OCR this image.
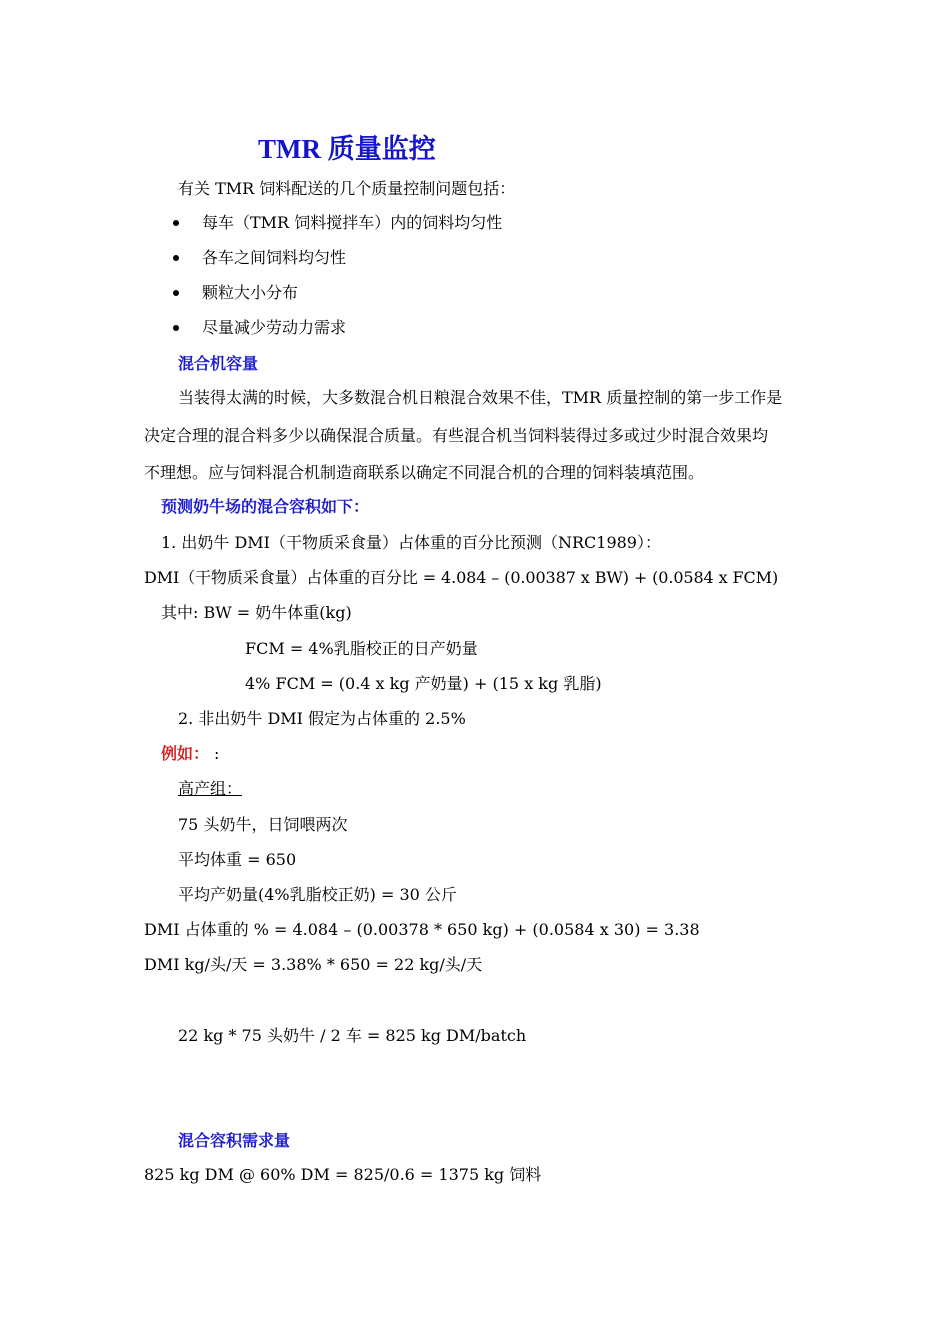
TMR 质量监控
有关 TMR 饲料配送的几个质量控制问题包括：
每车（TMR 饲料搅拌车）内的饲料均匀性
各车之间饲料均匀性
颗粒大小分布
尽量减少劳动力需求
混合机容量
当装得太满的时候，大多数混合机日粮混合效果不佳，TMR 质量控制的第一步工作是
决定合理的混合料多少以确保混合质量。有些混合机当饲料装得过多或过少时混合效果均
不理想。应与饲料混合机制造商联系以确定不同混合机的合理的饲料装填范围。
预测奶牛场的混合容积如下：
1. 出奶牛 DMI（干物质采食量）占体重的百分比预测（NRC1989）：
DMI（干物质采食量）占体重的百分比 = 4.084 – (0.00387 x BW) + (0.0584 x FCM)
其中: BW = 奶牛体重(kg)
FCM = 4%乳脂校正的日产奶量
4% FCM = (0.4 x kg 产奶量) + (15 x kg 乳脂)
2. 非出奶牛 DMI 假定为占体重的 2.5%
例如： :
高产组：
75 头奶牛，日饲喂两次
平均体重 = 650
平均产奶量(4%乳脂校正奶) = 30 公斤
DMI 占体重的 % = 4.084 – (0.00378 * 650 kg) + (0.0584 x 30) = 3.38
DMI kg/头/天 = 3.38% * 650 = 22 kg/头/天
22 kg * 75 头奶牛 / 2 车 = 825 kg DM/batch
混合容积需求量
825 kg DM @ 60% DM = 825/0.6 = 1375 kg 饲料
